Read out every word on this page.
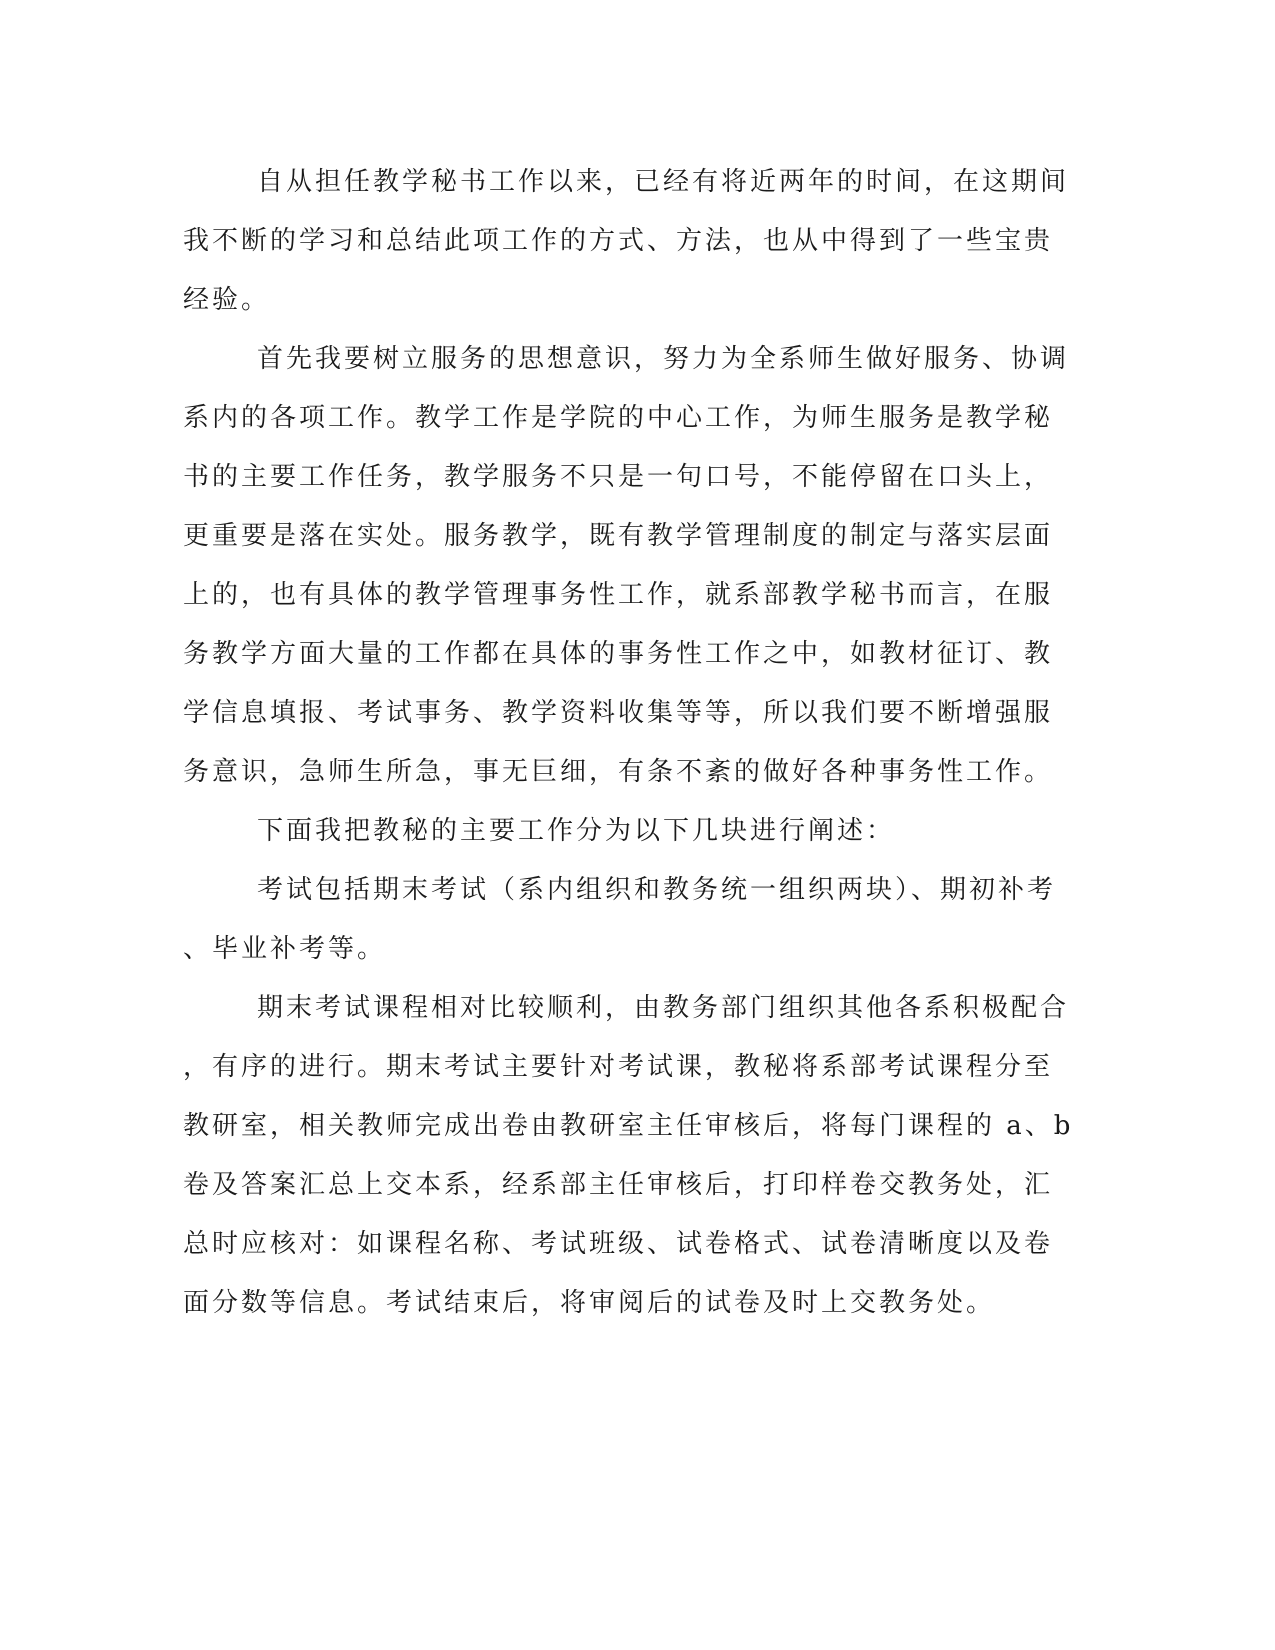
自从担任教学秘书工作以来，已经有将近两年的时间，在这期间
我不断的学习和总结此项工作的方式、方法，也从中得到了一些宝贵
经验。
首先我要树立服务的思想意识，努力为全系师生做好服务、协调
系内的各项工作。教学工作是学院的中心工作，为师生服务是教学秘
书的主要工作任务，教学服务不只是一句口号，不能停留在口头上，
更重要是落在实处。服务教学，既有教学管理制度的制定与落实层面
上的，也有具体的教学管理事务性工作，就系部教学秘书而言，在服
务教学方面大量的工作都在具体的事务性工作之中，如教材征订、教
学信息填报、考试事务、教学资料收集等等，所以我们要不断增强服
务意识，急师生所急，事无巨细，有条不紊的做好各种事务性工作。
下面我把教秘的主要工作分为以下几块进行阐述：
考试包括期末考试（系内组织和教务统一组织两块）、期初补考
、毕业补考等。
期末考试课程相对比较顺利，由教务部门组织其他各系积极配合
，有序的进行。期末考试主要针对考试课，教秘将系部考试课程分至
教研室，相关教师完成出卷由教研室主任审核后，将每门课程的 a、b
卷及答案汇总上交本系，经系部主任审核后，打印样卷交教务处，汇
总时应核对：如课程名称、考试班级、试卷格式、试卷清晰度以及卷
面分数等信息。考试结束后，将审阅后的试卷及时上交教务处。
